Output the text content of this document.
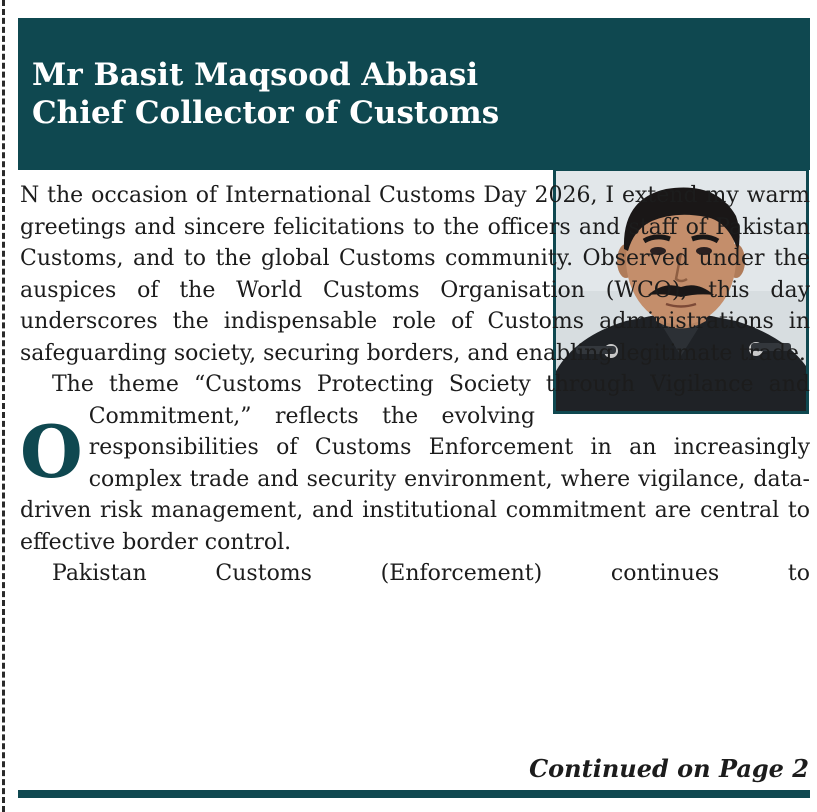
Mr Basit Maqsood Abbasi
Chief Collector of Customs

O
N the occasion of International Customs Day 2026, I extend my warm greetings and sincere felicitations to the officers and staff of Pakistan Customs, and to the global Customs community. Observed under the auspices of the World Customs Organisation (WCO), this day underscores the indispensable role of Customs administrations in safeguarding society, securing borders, and enabling legitimate trade.

The theme “Customs Protecting Society through Vigilance and Commitment,” reflects the evolving responsibilities of Customs Enforcement in an increasingly complex trade and security environment, where vigilance, data-driven risk management, and institutional commitment are central to effective border control.

Pakistan Customs (Enforcement) continues to

Continued on Page 2
